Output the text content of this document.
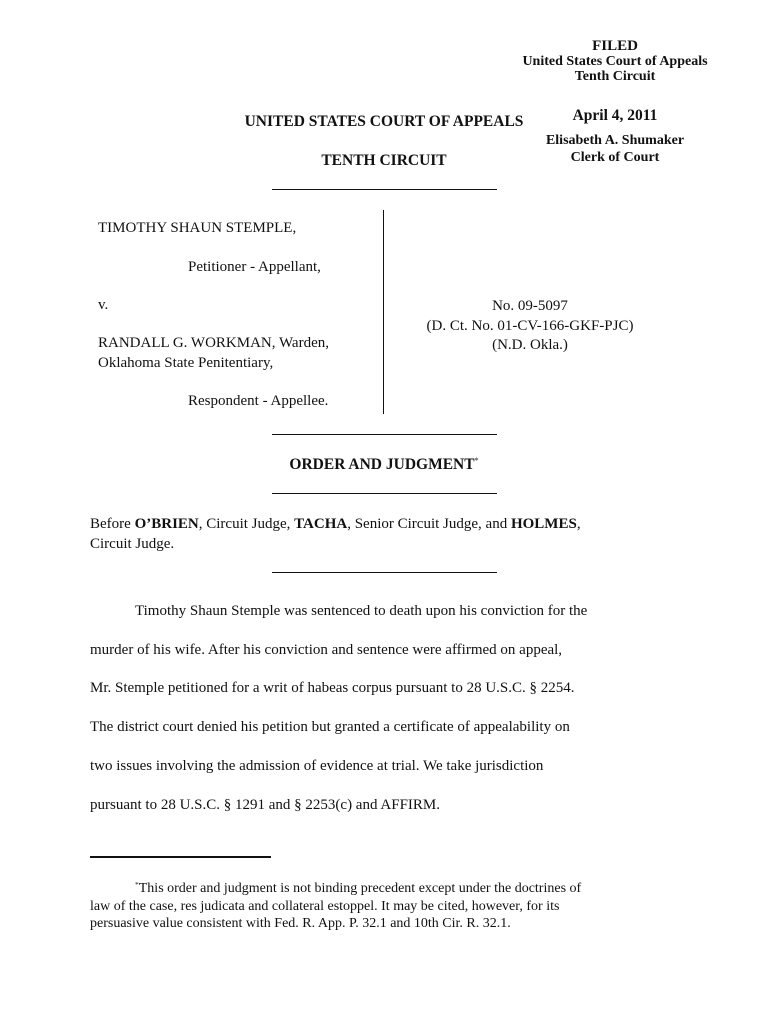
FILED
United States Court of Appeals
Tenth Circuit
April 4, 2011
Elisabeth A. Shumaker
Clerk of Court
UNITED STATES COURT OF APPEALS
TENTH CIRCUIT
TIMOTHY SHAUN STEMPLE,
Petitioner - Appellant,
v.
RANDALL G. WORKMAN, Warden,
Oklahoma State Penitentiary,
Respondent - Appellee.
No. 09-5097
(D. Ct. No. 01-CV-166-GKF-PJC)
(N.D. Okla.)
ORDER AND JUDGMENT*
Before O’BRIEN, Circuit Judge, TACHA, Senior Circuit Judge, and HOLMES,
Circuit Judge.
Timothy Shaun Stemple was sentenced to death upon his conviction for the
murder of his wife. After his conviction and sentence were affirmed on appeal,
Mr. Stemple petitioned for a writ of habeas corpus pursuant to 28 U.S.C. § 2254.
The district court denied his petition but granted a certificate of appealability on
two issues involving the admission of evidence at trial. We take jurisdiction
pursuant to 28 U.S.C. § 1291 and § 2253(c) and AFFIRM.
*This order and judgment is not binding precedent except under the doctrines of
law of the case, res judicata and collateral estoppel. It may be cited, however, for its
persuasive value consistent with Fed. R. App. P. 32.1 and 10th Cir. R. 32.1.
